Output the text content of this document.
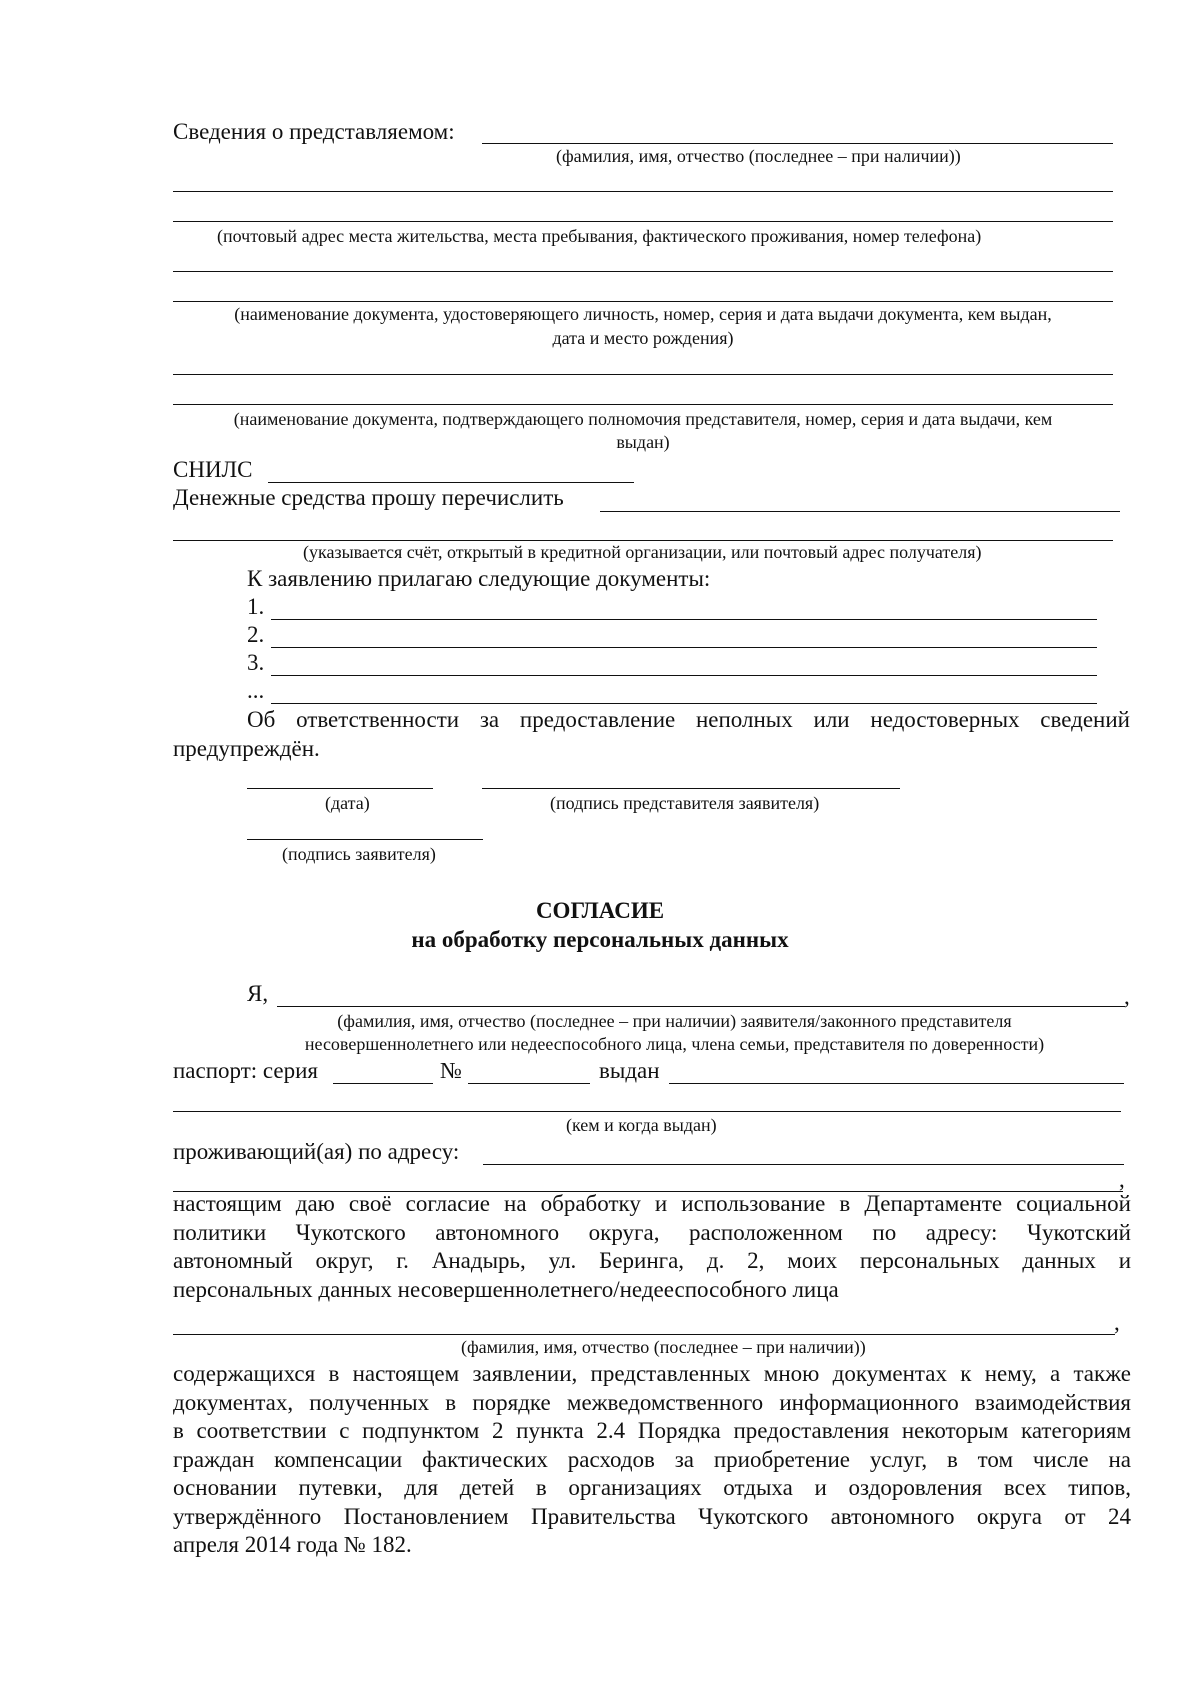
Сведения о представляемом:
(фамилия, имя, отчество (последнее – при наличии))
(почтовый адрес места жительства, места пребывания, фактического проживания, номер телефона)
(наименование документа, удостоверяющего личность, номер, серия и дата выдачи документа, кем выдан,
дата и место рождения)
(наименование документа, подтверждающего полномочия представителя, номер, серия и дата выдачи, кем
выдан)
СНИЛС
Денежные средства прошу перечислить
(указывается счёт, открытый в кредитной организации, или почтовый адрес получателя)
К заявлению прилагаю следующие документы:
1.
2.
3.
...
Об ответственности за предоставление неполных или недостоверных сведений
предупреждён.
(дата)	(подпись представителя заявителя)
(подпись заявителя)
СОГЛАСИЕ
на обработку персональных данных
Я,	,
(фамилия, имя, отчество (последнее – при наличии) заявителя/законного представителя
несовершеннолетнего или недееспособного лица, члена семьи, представителя по доверенности)
паспорт: серия	№	выдан
(кем и когда выдан)
проживающий(ая) по адресу:
,
настоящим даю своё согласие на обработку и использование в Департаменте социальной
политики Чукотского автономного округа, расположенном по адресу: Чукотский
автономный округ, г. Анадырь, ул. Беринга, д. 2, моих персональных данных и
персональных данных несовершеннолетнего/недееспособного лица
,
(фамилия, имя, отчество (последнее – при наличии))
содержащихся в настоящем заявлении, представленных мною документах к нему, а также
документах, полученных в порядке межведомственного информационного взаимодействия
в соответствии с подпунктом 2 пункта 2.4 Порядка предоставления некоторым категориям
граждан компенсации фактических расходов за приобретение услуг, в том числе на
основании путевки, для детей в организациях отдыха и оздоровления всех типов,
утверждённого Постановлением Правительства Чукотского автономного округа от 24
апреля 2014 года № 182.
